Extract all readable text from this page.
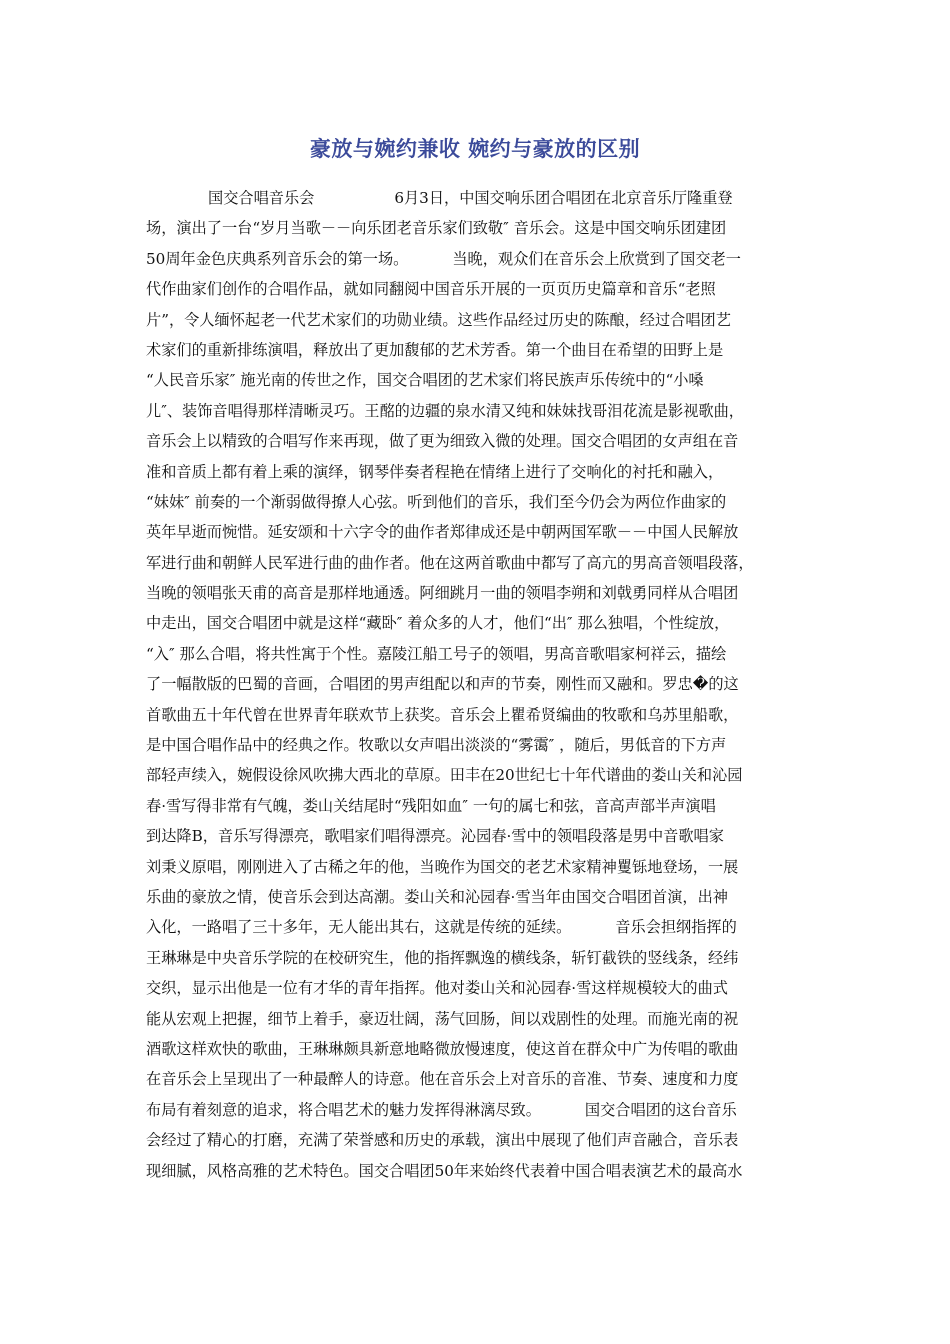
豪放与婉约兼收 婉约与豪放的区别
国交合唱音乐会	6月3日，中国交响乐团合唱团在北京音乐厅隆重登
场，演出了一台“岁月当歌－－向乐团老音乐家们致敬″ 音乐会。这是中国交响乐团建团
50周年金色庆典系列音乐会的第一场。	当晚，观众们在音乐会上欣赏到了国交老一
代作曲家们创作的合唱作品，就如同翻阅中国音乐开展的一页页历史篇章和音乐“老照
片”，令人缅怀起老一代艺术家们的功勋业绩。这些作品经过历史的陈酿，经过合唱团艺
术家们的重新排练演唱，释放出了更加馥郁的艺术芳香。第一个曲目在希望的田野上是
“人民音乐家″ 施光南的传世之作，国交合唱团的艺术家们将民族声乐传统中的“小嗓
儿″、装饰音唱得那样清晰灵巧。王酩的边疆的泉水清又纯和妹妹找哥泪花流是影视歌曲，
音乐会上以精致的合唱写作来再现，做了更为细致入微的处理。国交合唱团的女声组在音
准和音质上都有着上乘的演绎，钢琴伴奏者程艳在情绪上进行了交响化的衬托和融入，
“妹妹″ 前奏的一个渐弱做得撩人心弦。听到他们的音乐，我们至今仍会为两位作曲家的
英年早逝而惋惜。延安颂和十六字令的曲作者郑律成还是中朝两国军歌－－中国人民解放
军进行曲和朝鲜人民军进行曲的曲作者。他在这两首歌曲中都写了高亢的男高音领唱段落，
当晚的领唱张天甫的高音是那样地通透。阿细跳月一曲的领唱李朔和刘戟勇同样从合唱团
中走出，国交合唱团中就是这样“藏卧″ 着众多的人才，他们“出″ 那么独唱，个性绽放，
“入″ 那么合唱，将共性寓于个性。嘉陵江船工号子的领唱，男高音歌唱家柯祥云，描绘
了一幅散版的巴蜀的音画，合唱团的男声组配以和声的节奏，刚性而又融和。罗忠�的这
首歌曲五十年代曾在世界青年联欢节上获奖。音乐会上瞿希贤编曲的牧歌和乌苏里船歌，
是中国合唱作品中的经典之作。牧歌以女声唱出淡淡的“雾霭″ ，随后，男低音的下方声
部轻声续入，婉假设徐风吹拂大西北的草原。田丰在20世纪七十年代谱曲的娄山关和沁园
春·雪写得非常有气魄，娄山关结尾时“残阳如血″ 一句的属七和弦，音高声部半声演唱
到达降B，音乐写得漂亮，歌唱家们唱得漂亮。沁园春·雪中的领唱段落是男中音歌唱家
刘秉义原唱，刚刚进入了古稀之年的他，当晚作为国交的老艺术家精神矍铄地登场，一展
乐曲的豪放之情，使音乐会到达高潮。娄山关和沁园春·雪当年由国交合唱团首演，出神
入化，一路唱了三十多年，无人能出其右，这就是传统的延续。	音乐会担纲指挥的
王琳琳是中央音乐学院的在校研究生，他的指挥飘逸的横线条，斩钉截铁的竖线条，经纬
交织，显示出他是一位有才华的青年指挥。他对娄山关和沁园春·雪这样规模较大的曲式
能从宏观上把握，细节上着手，豪迈壮阔，荡气回肠，间以戏剧性的处理。而施光南的祝
酒歌这样欢快的歌曲，王琳琳颇具新意地略微放慢速度，使这首在群众中广为传唱的歌曲
在音乐会上呈现出了一种最醉人的诗意。他在音乐会上对音乐的音准、节奏、速度和力度
布局有着刻意的追求，将合唱艺术的魅力发挥得淋漓尽致。	国交合唱团的这台音乐
会经过了精心的打磨，充满了荣誉感和历史的承载，演出中展现了他们声音融合，音乐表
现细腻，风格高雅的艺术特色。国交合唱团50年来始终代表着中国合唱表演艺术的最高水
